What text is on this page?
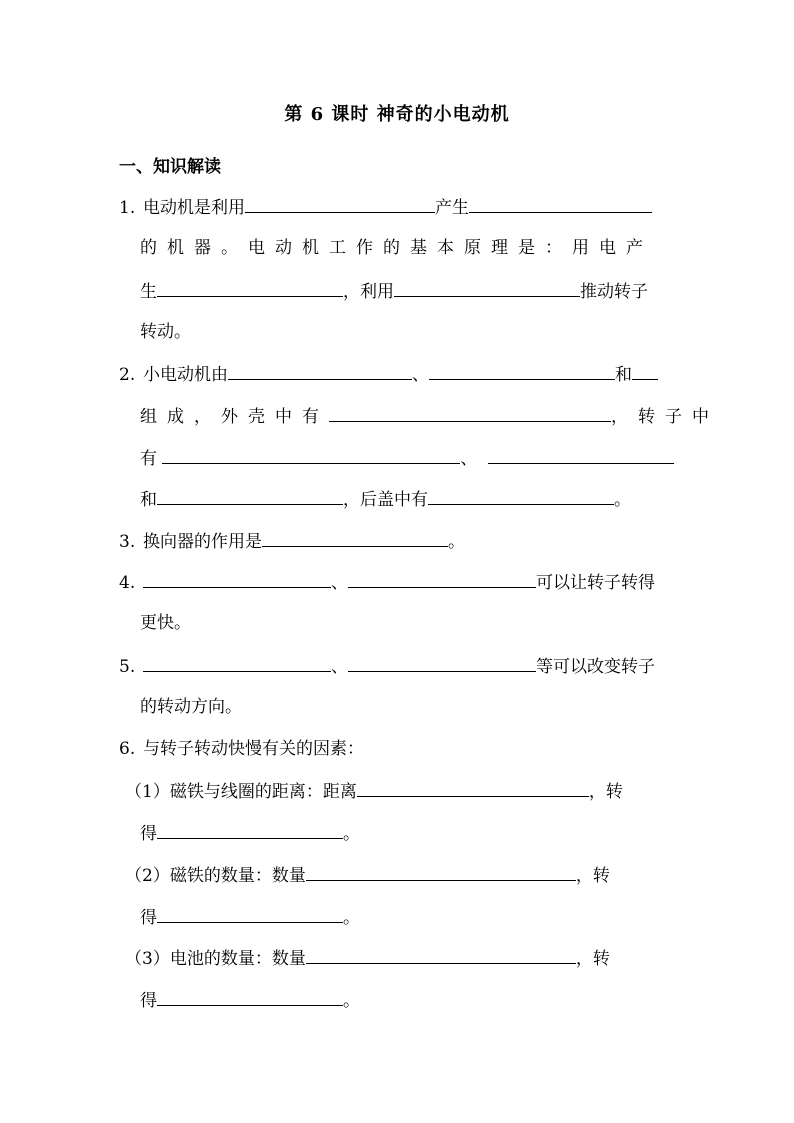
第 6 课时 神奇的小电动机
一、知识解读
1. 电动机是利用	产生
的机器。电动机工作的基本原理是：用电产
生	，利用	推动转子
转动。
2. 小电动机由	、	和
组成，外壳中有	，转子中
有	、
和	，后盖中有	。
3. 换向器的作用是	。
4.	、	可以让转子转得
更快。
5.	、	等可以改变转子
的转动方向。
6. 与转子转动快慢有关的因素：
（1）磁铁与线圈的距离：距离	，转
得	。
（2）磁铁的数量：数量	，转
得	。
（3）电池的数量：数量	，转
得	。
